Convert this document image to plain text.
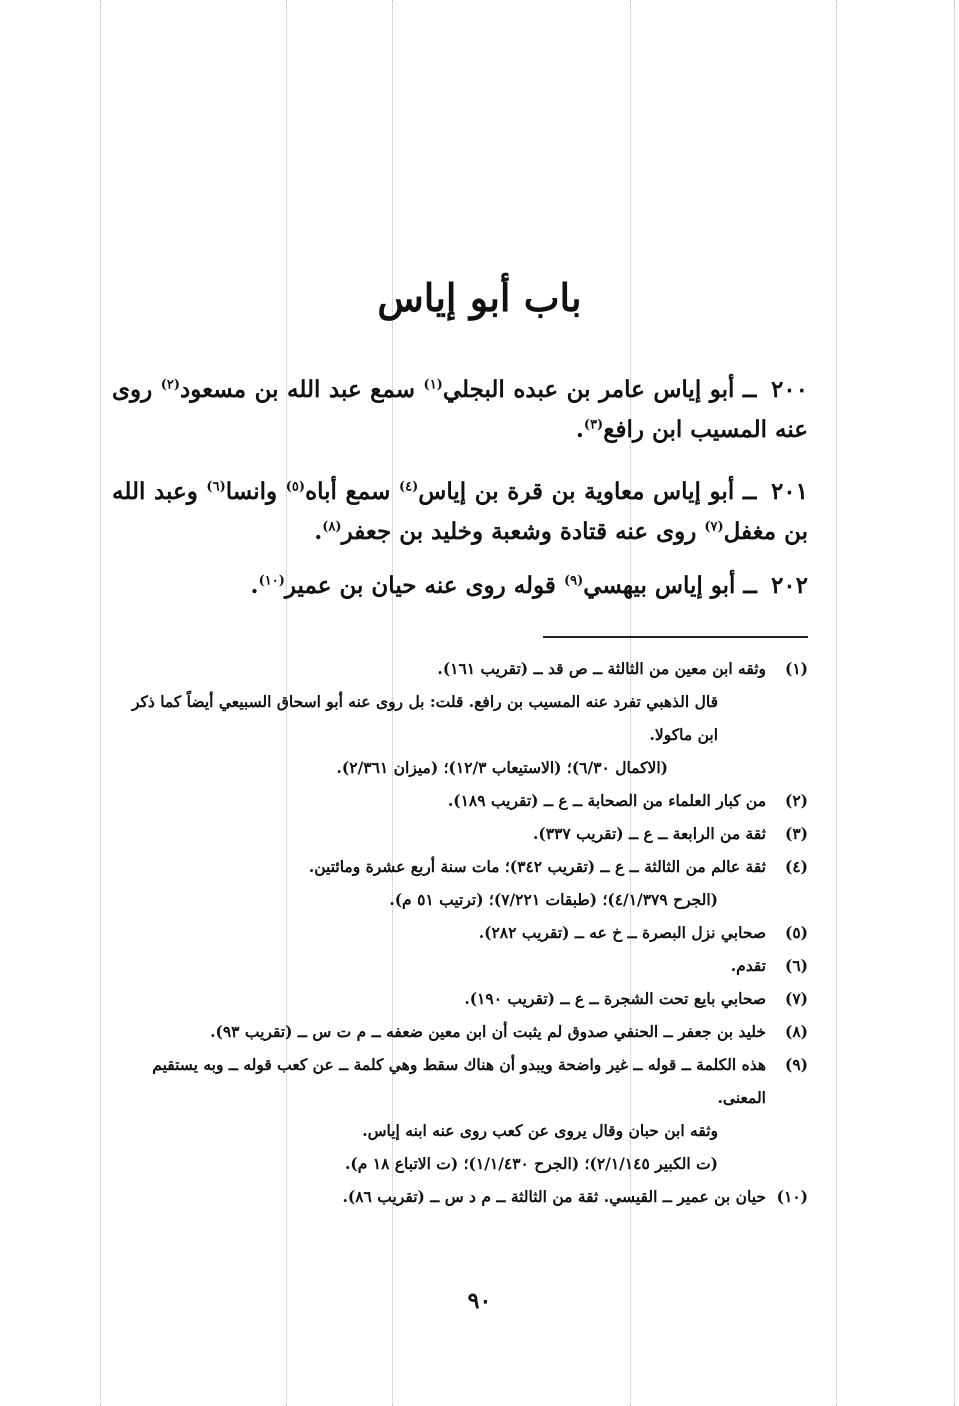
باب أبو إياس
٢٠٠ ــ أبو إياس عامر بن عبده البجلي$^{(١)}$ سمع عبد الله بن مسعود$^{(٢)}$ روى عنه المسيب ابن رافع$^{(٣)}$.
٢٠١ ــ أبو إياس معاوية بن قرة بن إياس$^{(٤)}$ سمع أباه$^{(٥)}$ وانسا$^{(٦)}$ وعبد الله بن مغفل$^{(٧)}$ روى عنه قتادة وشعبة وخليد بن جعفر$^{(٨)}$.
٢٠٢ ــ أبو إياس بيهسي$^{(٩)}$ قوله روى عنه حيان بن عمير$^{(١٠)}$.
(١)
وثقه ابن معين من الثالثة ــ ص قد ــ (تقريب ١٦١).
قال الذهبي تفرد عنه المسيب بن رافع. قلت: بل روى عنه أبو اسحاق السبيعي أيضاً كما ذكر ابن ماكولا.
(الاكمال ٦/٣٠)؛ (الاستيعاب ١٢/٣)؛ (ميزان ٢/٣٦١).
(٢)
من كبار العلماء من الصحابة ــ ع ــ (تقريب ١٨٩).
(٣)
ثقة من الرابعة ــ ع ــ (تقريب ٣٣٧).
(٤)
ثقة عالم من الثالثة ــ ع ــ (تقريب ٣٤٢)؛ مات سنة أربع عشرة ومائتين.
(الجرح ٤/١/٣٧٩)؛ (طبقات ٧/٢٢١)؛ (ترتيب ٥١ م).
(٥)
صحابي نزل البصرة ــ خ عه ــ (تقريب ٢٨٢).
(٦)
تقدم.
(٧)
صحابي بايع تحت الشجرة ــ ع ــ (تقريب ١٩٠).
(٨)
خليد بن جعفر ــ الحنفي صدوق لم يثبت أن ابن معين ضعفه ــ م ت س ــ (تقريب ٩٣).
(٩)
هذه الكلمة ــ قوله ــ غير واضحة ويبدو أن هناك سقط وهي كلمة ــ عن كعب قوله ــ وبه يستقيم المعنى.
وثقه ابن حبان وقال يروى عن كعب روى عنه ابنه إياس.
(ت الكبير ٢/١/١٤٥)؛ (الجرح ١/١/٤٣٠)؛ (ت الاتباع ١٨ م).
(١٠)
حيان بن عمير ــ القيسي. ثقة من الثالثة ــ م د س ــ (تقريب ٨٦).
٩٠
